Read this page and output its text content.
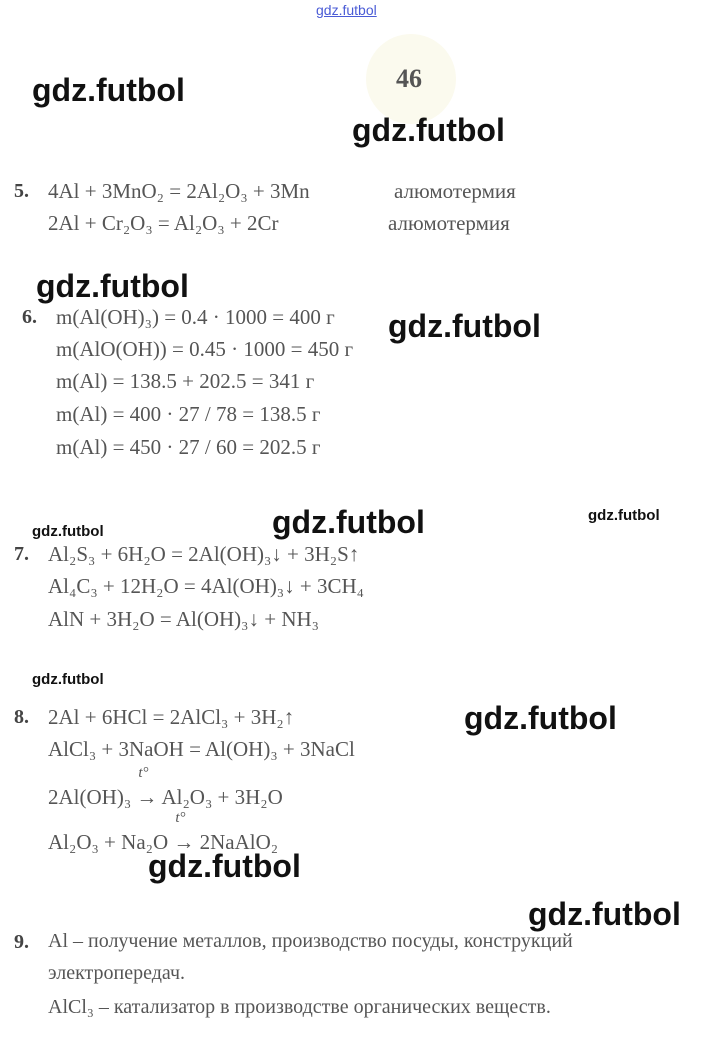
46
gdz.futbol
gdz.futbol
gdz.futbol
gdz.futbol
gdz.futbol
gdz.futbol	gdz.futbol
gdz.futbol
gdz.futbol
gdz.futbol
gdz.futbol
gdz.futbol
5. 4Al + 3MnO₂ = 2Al₂O₃ + 3Mn	алюмотермия
2Al + Cr₂O₃ = Al₂O₃ + 2Cr	алюмотермия
6. m(Al(OH)₃) = 0.4 · 1000 = 400 г
m(AlO(OH)) = 0.45 · 1000 = 450 г
m(Al) = 138.5 + 202.5 = 341 г
m(Al) = 400 · 27 / 78 = 138.5 г
m(Al) = 450 · 27 / 60 = 202.5 г
7. Al₂S₃ + 6H₂O = 2Al(OH)₃↓ + 3H₂S↑
Al₄C₃ + 12H₂O = 4Al(OH)₃↓ + 3CH₄
AlN + 3H₂O = Al(OH)₃↓ + NH₃
8. 2Al + 6HCl = 2AlCl₃ + 3H₂↑
AlCl₃ + 3NaOH = Al(OH)₃ + 3NaCl
2Al(OH)₃
t°
→ Al₂O₃ + 3H₂O
Al₂O₃ + Na₂O
t°
→ 2NaAlO₂
9. Al – получение металлов, производство посуды, конструкций
электропередач.
AlCl₃ – катализатор в производстве органических веществ.
